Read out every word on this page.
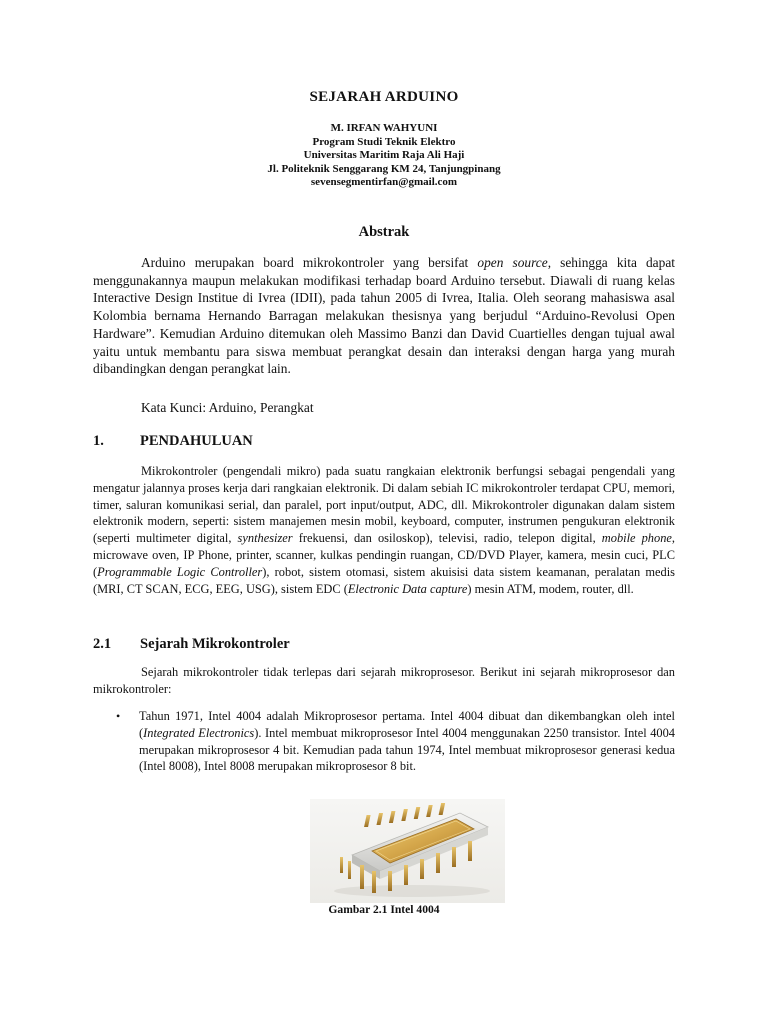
SEJARAH ARDUINO
M. IRFAN WAHYUNI
Program Studi Teknik Elektro
Universitas Maritim Raja Ali Haji
Jl. Politeknik Senggarang KM 24, Tanjungpinang
sevensegmentirfan@gmail.com
Abstrak

Arduino merupakan board mikrokontroler yang bersifat open source, sehingga kita dapat menggunakannya maupun melakukan modifikasi terhadap board Arduino tersebut. Diawali di ruang kelas Interactive Design Institue di Ivrea (IDII), pada tahun 2005 di Ivrea, Italia. Oleh seorang mahasiswa asal Kolombia bernama Hernando Barragan melakukan thesisnya yang berjudul “Arduino-Revolusi Open Hardware”. Kemudian Arduino ditemukan oleh Massimo Banzi dan David Cuartielles dengan tujual awal yaitu untuk membantu para siswa membuat perangkat desain dan interaksi dengan harga yang murah dibandingkan dengan perangkat lain.

Kata Kunci: Arduino, Perangkat
1. PENDAHULUAN

Mikrokontroler (pengendali mikro) pada suatu rangkaian elektronik berfungsi sebagai pengendali yang mengatur jalannya proses kerja dari rangkaian elektronik. Di dalam sebiah IC mikrokontroler terdapat CPU, memori, timer, saluran komunikasi serial, dan paralel, port input/output, ADC, dll. Mikrokontroler digunakan dalam sistem elektronik modern, seperti: sistem manajemen mesin mobil, keyboard, computer, instrumen pengukuran elektronik (seperti multimeter digital, synthesizer frekuensi, dan osiloskop), televisi, radio, telepon digital, mobile phone, microwave oven, IP Phone, printer, scanner, kulkas pendingin ruangan, CD/DVD Player, kamera, mesin cuci, PLC (Programmable Logic Controller), robot, sistem otomasi, sistem akuisisi data sistem keamanan, peralatan medis (MRI, CT SCAN, ECG, EEG, USG), sistem EDC (Electronic Data capture) mesin ATM, modem, router, dll.

2.1 Sejarah Mikrokontroler

Sejarah mikrokontroler tidak terlepas dari sejarah mikroprosesor. Berikut ini sejarah mikroprosesor dan mikrokontroler:

• Tahun 1971, Intel 4004 adalah Mikroprosesor pertama. Intel 4004 dibuat dan dikembangkan oleh intel (Integrated Electronics). Intel membuat mikroprosesor Intel 4004 menggunakan 2250 transistor. Intel 4004 merupakan mikroprosesor 4 bit. Kemudian pada tahun 1974, Intel membuat mikroprosesor generasi kedua (Intel 8008), Intel 8008 merupakan mikroprosesor 8 bit.
Gambar 2.1 Intel 4004
